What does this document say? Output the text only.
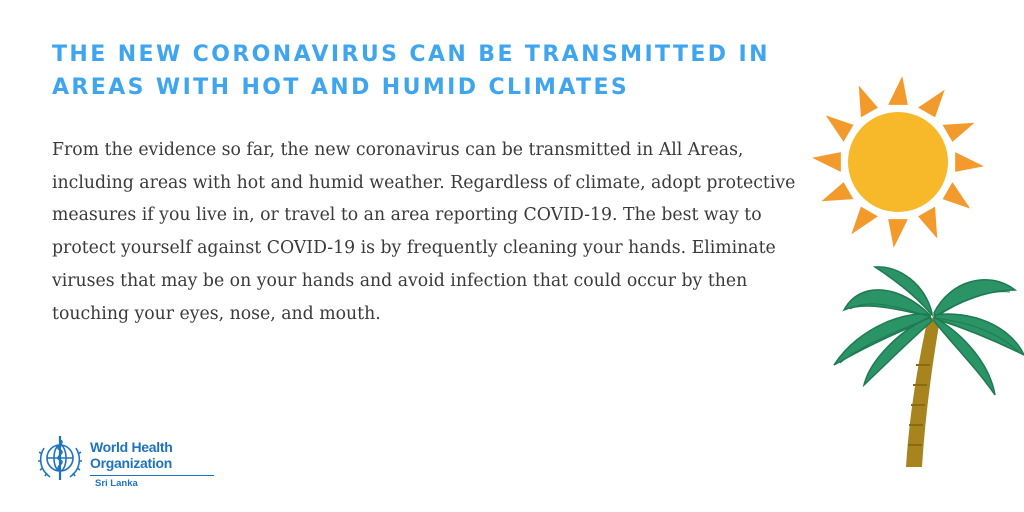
THE NEW CORONAVIRUS CAN BE TRANSMITTED IN AREAS WITH HOT AND HUMID CLIMATES

From the evidence so far, the new coronavirus can be transmitted in All Areas, including areas with hot and humid weather. Regardless of climate, adopt protective measures if you live in, or travel to an area reporting COVID-19. The best way to protect yourself against COVID-19 is by frequently cleaning your hands. Eliminate viruses that may be on your hands and avoid infection that could occur by then touching your eyes, nose, and mouth.

World Health
Organization
Sri Lanka
